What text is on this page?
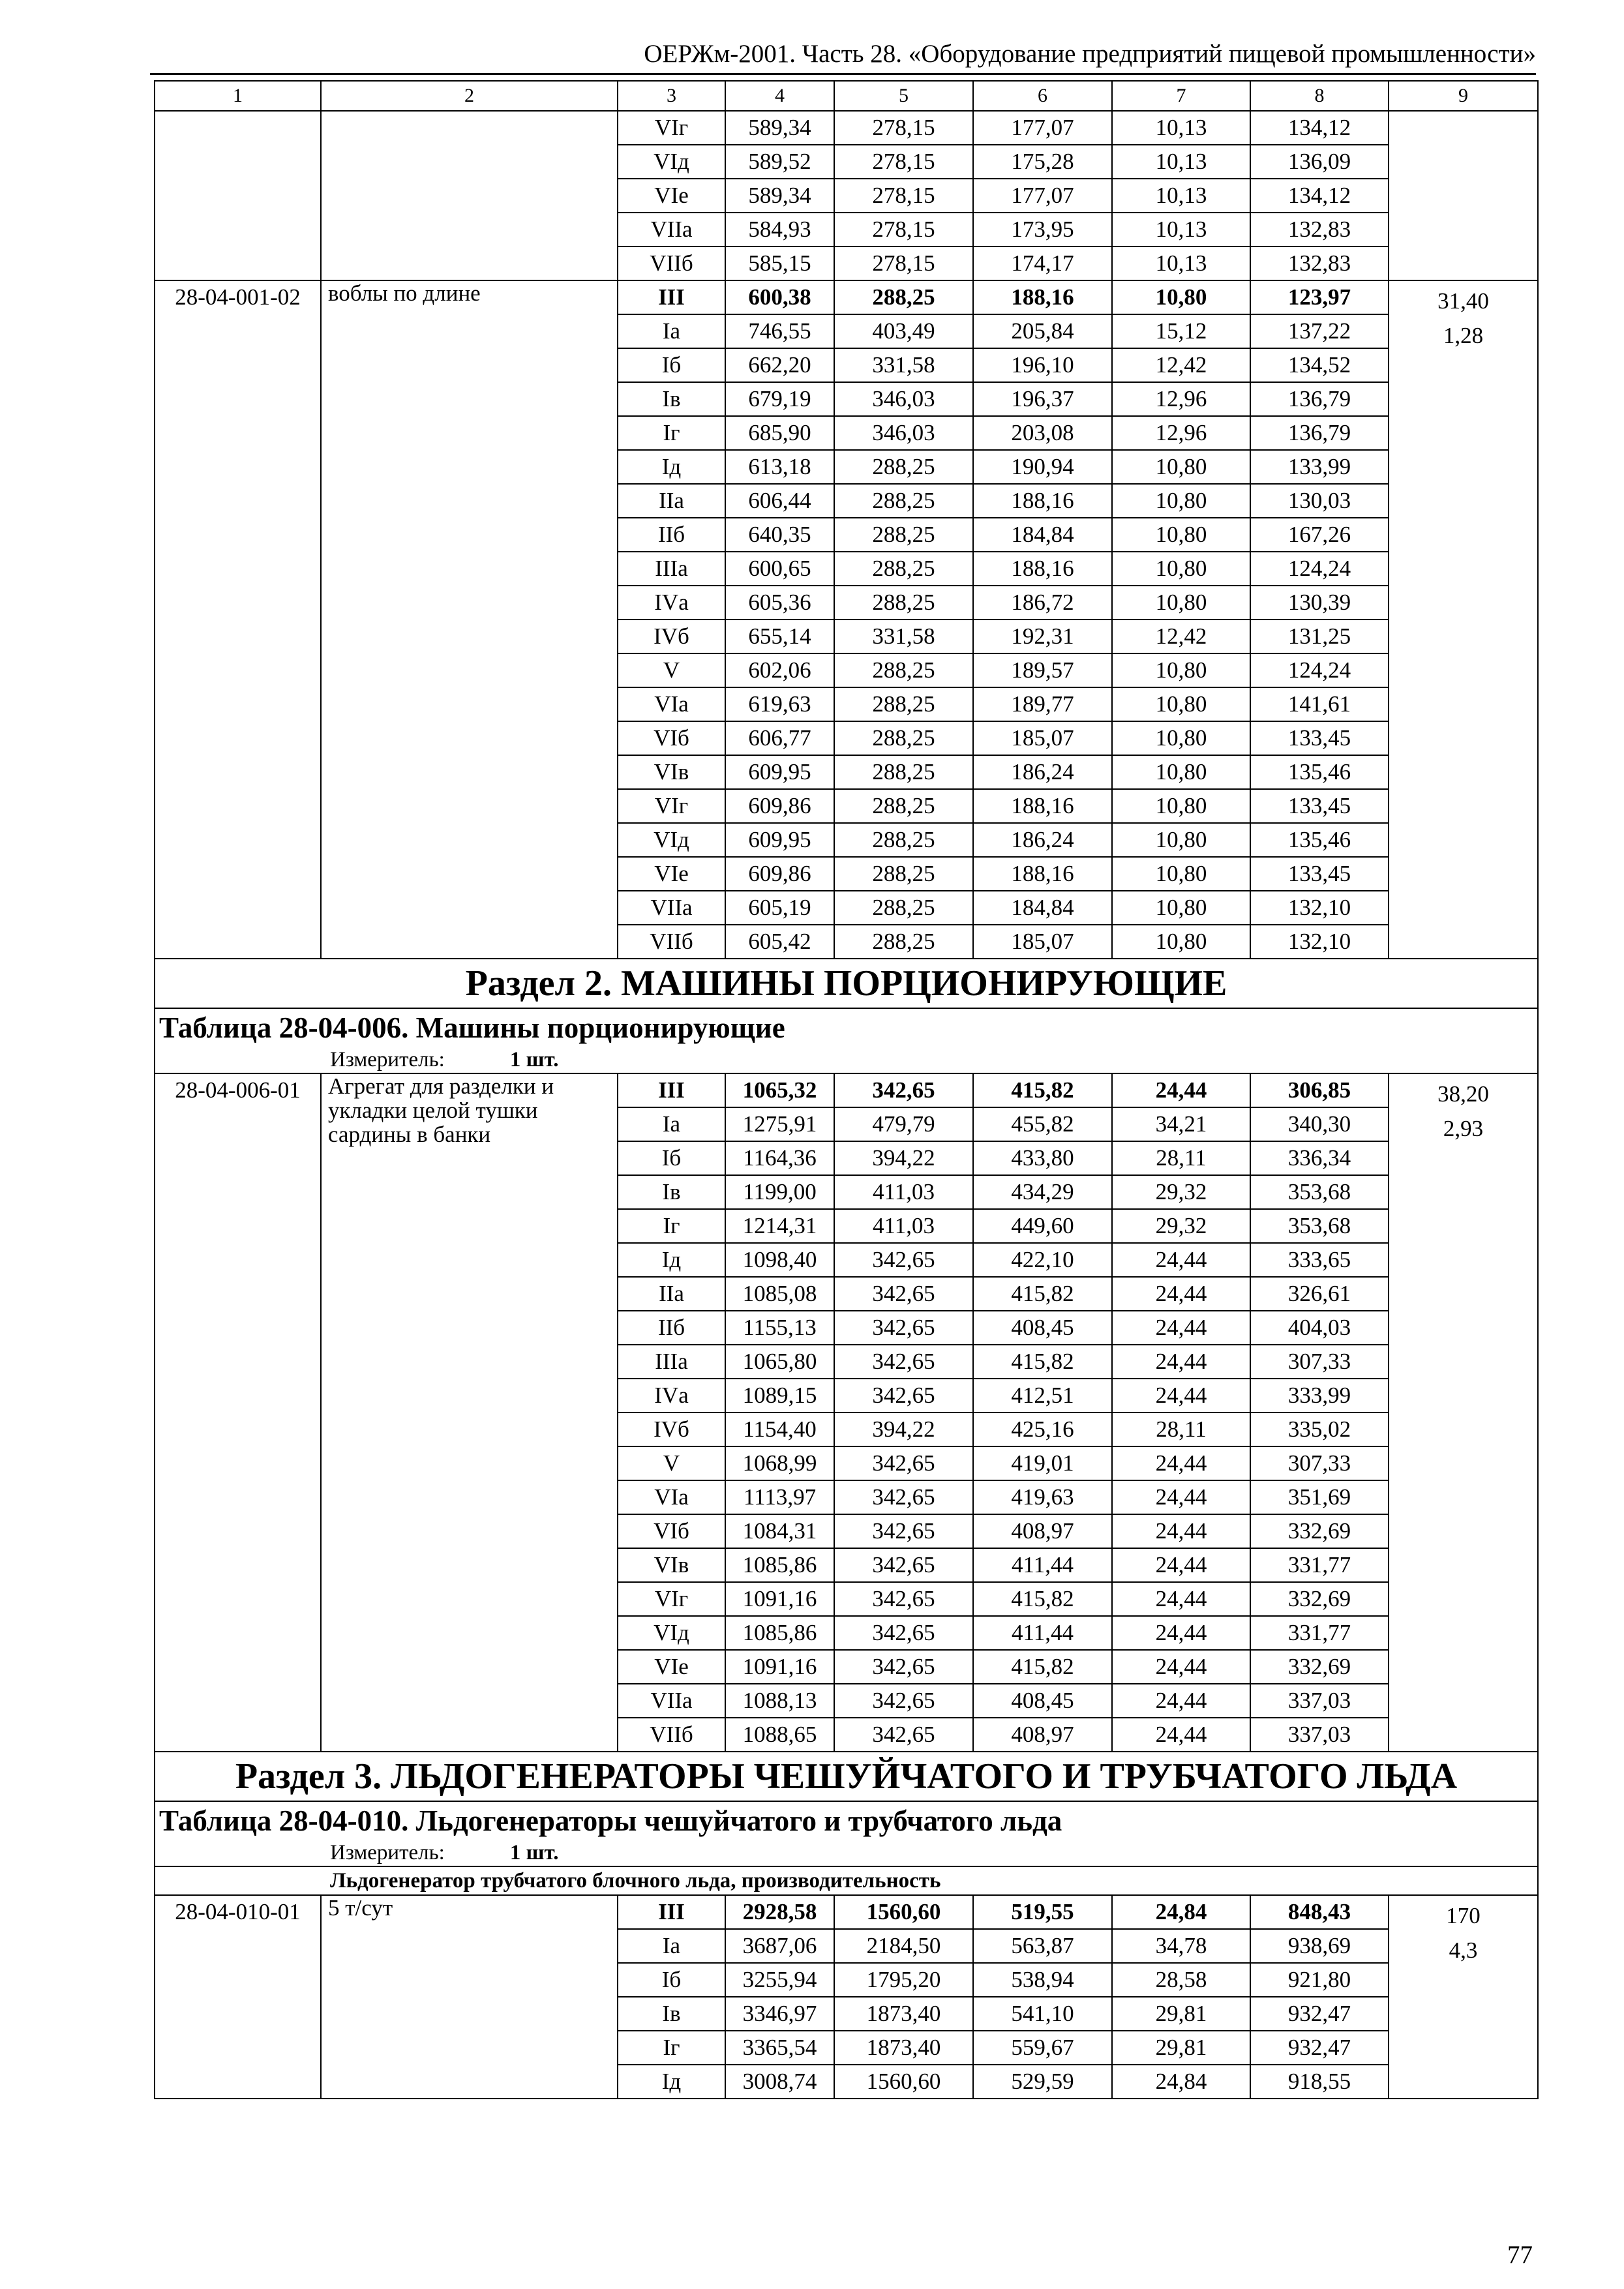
ОЕРЖм-2001. Часть 28. «Оборудование предприятий пищевой промышленности»
1	2	3	4	5	6	7	8	9
		VIг	589,34	278,15	177,07	10,13	134,12	
		VIд	589,52	278,15	175,28	10,13	136,09	
		VIе	589,34	278,15	177,07	10,13	134,12	
		VIIа	584,93	278,15	173,95	10,13	132,83	
		VIIб	585,15	278,15	174,17	10,13	132,83	
28-04-001-02	воблы по длине	III	600,38	288,25	188,16	10,80	123,97	31,40
1,28
		Iа	746,55	403,49	205,84	15,12	137,22	
		Iб	662,20	331,58	196,10	12,42	134,52	
		Iв	679,19	346,03	196,37	12,96	136,79	
		Iг	685,90	346,03	203,08	12,96	136,79	
		Iд	613,18	288,25	190,94	10,80	133,99	
		IIа	606,44	288,25	188,16	10,80	130,03	
		IIб	640,35	288,25	184,84	10,80	167,26	
		IIIа	600,65	288,25	188,16	10,80	124,24	
		IVа	605,36	288,25	186,72	10,80	130,39	
		IVб	655,14	331,58	192,31	12,42	131,25	
		V	602,06	288,25	189,57	10,80	124,24	
		VIа	619,63	288,25	189,77	10,80	141,61	
		VIб	606,77	288,25	185,07	10,80	133,45	
		VIв	609,95	288,25	186,24	10,80	135,46	
		VIг	609,86	288,25	188,16	10,80	133,45	
		VIд	609,95	288,25	186,24	10,80	135,46	
		VIе	609,86	288,25	188,16	10,80	133,45	
		VIIа	605,19	288,25	184,84	10,80	132,10	
		VIIб	605,42	288,25	185,07	10,80	132,10	
Раздел 2. МАШИНЫ ПОРЦИОНИРУЮЩИЕ								
Таблица 28-04-006. Машины порционирующие								
Измеритель: 1 шт.								
28-04-006-01	Агрегат для разделки и укладки целой тушки сардины в банки	III	1065,32	342,65	415,82	24,44	306,85	38,20
2,93
		Iа	1275,91	479,79	455,82	34,21	340,30	
		Iб	1164,36	394,22	433,80	28,11	336,34	
		Iв	1199,00	411,03	434,29	29,32	353,68	
		Iг	1214,31	411,03	449,60	29,32	353,68	
		Iд	1098,40	342,65	422,10	24,44	333,65	
		IIа	1085,08	342,65	415,82	24,44	326,61	
		IIб	1155,13	342,65	408,45	24,44	404,03	
		IIIа	1065,80	342,65	415,82	24,44	307,33	
		IVа	1089,15	342,65	412,51	24,44	333,99	
		IVб	1154,40	394,22	425,16	28,11	335,02	
		V	1068,99	342,65	419,01	24,44	307,33	
		VIа	1113,97	342,65	419,63	24,44	351,69	
		VIб	1084,31	342,65	408,97	24,44	332,69	
		VIв	1085,86	342,65	411,44	24,44	331,77	
		VIг	1091,16	342,65	415,82	24,44	332,69	
		VIд	1085,86	342,65	411,44	24,44	331,77	
		VIе	1091,16	342,65	415,82	24,44	332,69	
		VIIа	1088,13	342,65	408,45	24,44	337,03	
		VIIб	1088,65	342,65	408,97	24,44	337,03	
Раздел 3. ЛЬДОГЕНЕРАТОРЫ ЧЕШУЙЧАТОГО И ТРУБЧАТОГО ЛЬДА								
Таблица 28-04-010. Льдогенераторы чешуйчатого и трубчатого льда								
Измеритель: 1 шт.								
Льдогенератор трубчатого блочного льда, производительность								
28-04-010-01	5 т/сут	III	2928,58	1560,60	519,55	24,84	848,43	170
4,3
		Iа	3687,06	2184,50	563,87	34,78	938,69	
		Iб	3255,94	1795,20	538,94	28,58	921,80	
		Iв	3346,97	1873,40	541,10	29,81	932,47	
		Iг	3365,54	1873,40	559,67	29,81	932,47	
		Iд	3008,74	1560,60	529,59	24,84	918,55	
77
